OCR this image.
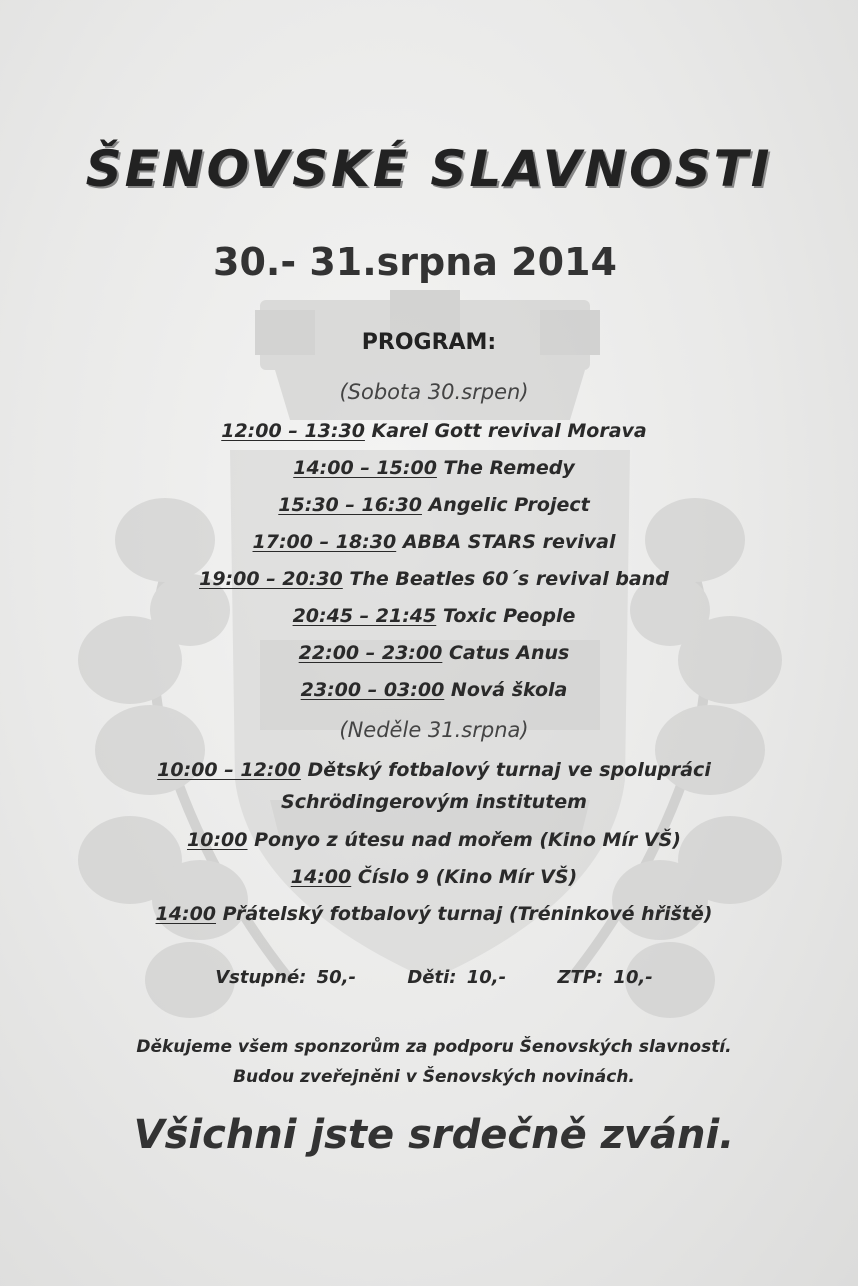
ŠENOVSKÉ SLAVNOSTI
30.- 31.srpna 2014
PROGRAM:
(Sobota 30.srpen)
12:00 – 13:30 Karel Gott revival Morava
14:00 – 15:00 The Remedy
15:30 – 16:30 Angelic Project
17:00 – 18:30 ABBA STARS revival
19:00 – 20:30 The Beatles 60´s revival band
20:45 – 21:45 Toxic People
22:00 – 23:00 Catus Anus
23:00 – 03:00 Nová škola
(Neděle 31.srpna)
10:00 – 12:00 Dětský fotbalový turnaj ve spolupráci
Schrödingerovým institutem
10:00 Ponyo z útesu nad mořem (Kino Mír VŠ)
14:00 Číslo 9 (Kino Mír VŠ)
14:00 Přátelský fotbalový turnaj (Tréninkové hřiště)
Vstupné: 50,-	Děti: 10,-	ZTP: 10,-
Děkujeme všem sponzorům za podporu Šenovských slavností.
Budou zveřejněni v Šenovských novinách.
Všichni jste srdečně zváni.
